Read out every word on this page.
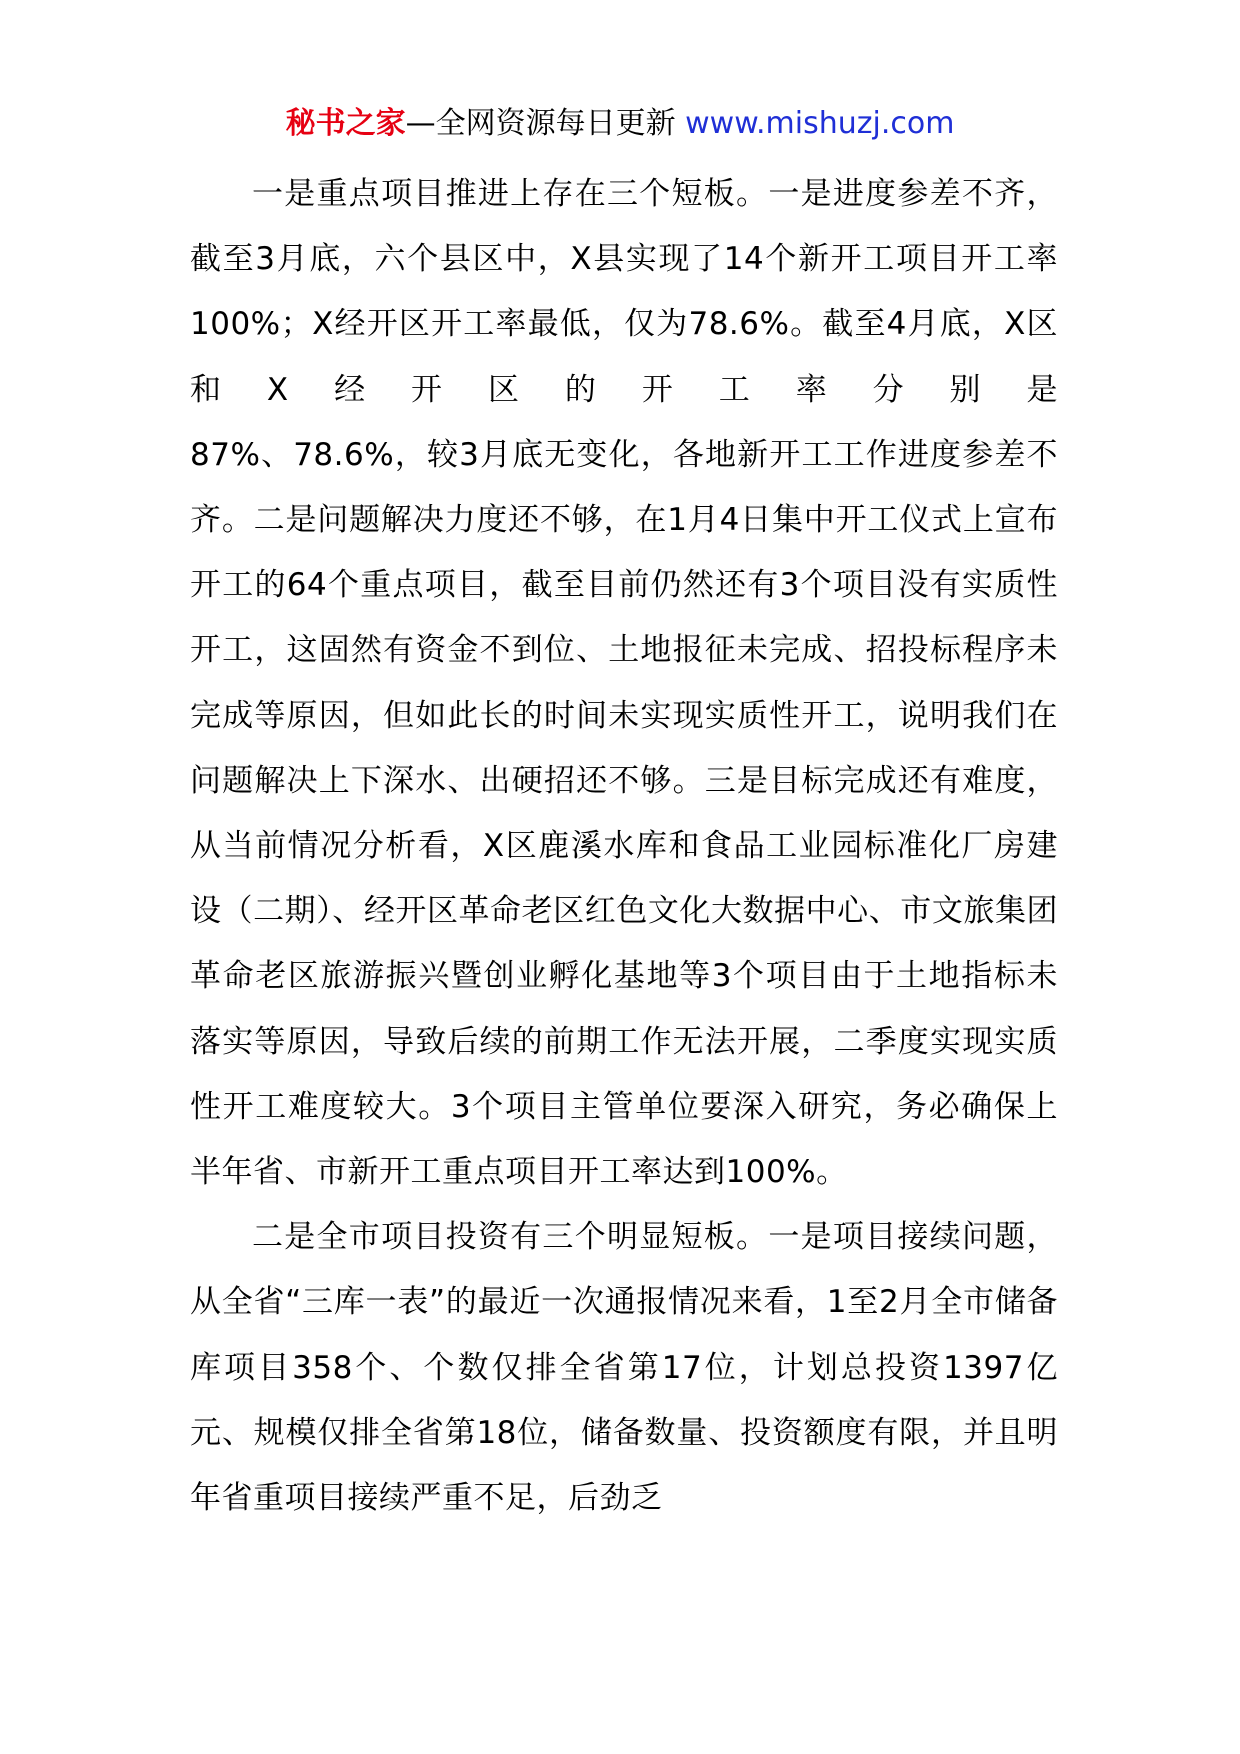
秘书之家—全网资源每日更新 www.mishuzj.com

一是重点项目推进上存在三个短板。一是进度参差不齐，截至3月底，六个县区中，X县实现了14个新开工项目开工率100%；X经开区开工率最低，仅为78.6%。截至4月底，X区和X经开区的开工率分别是
87%、78.6%，较3月底无变化，各地新开工工作进度参差不齐。二是问题解决力度还不够，在1月4日集中开工仪式上宣布开工的64个重点项目，截至目前仍然还有3个项目没有实质性开工，这固然有资金不到位、土地报征未完成、招投标程序未完成等原因，但如此长的时间未实现实质性开工，说明我们在问题解决上下深水、出硬招还不够。三是目标完成还有难度，从当前情况分析看，X区鹿溪水库和食品工业园标准化厂房建设（二期）、经开区革命老区红色文化大数据中心、市文旅集团革命老区旅游振兴暨创业孵化基地等3个项目由于土地指标未落实等原因，导致后续的前期工作无法开展，二季度实现实质性开工难度较大。3个项目主管单位要深入研究，务必确保上半年省、市新开工重点项目开工率达到100%。

二是全市项目投资有三个明显短板。一是项目接续问题，从全省“三库一表”的最近一次通报情况来看，1至2月全市储备库项目358个、个数仅排全省第17位，计划总投资1397亿元、规模仅排全省第18位，储备数量、投资额度有限，并且明年省重项目接续严重不足，后劲乏
